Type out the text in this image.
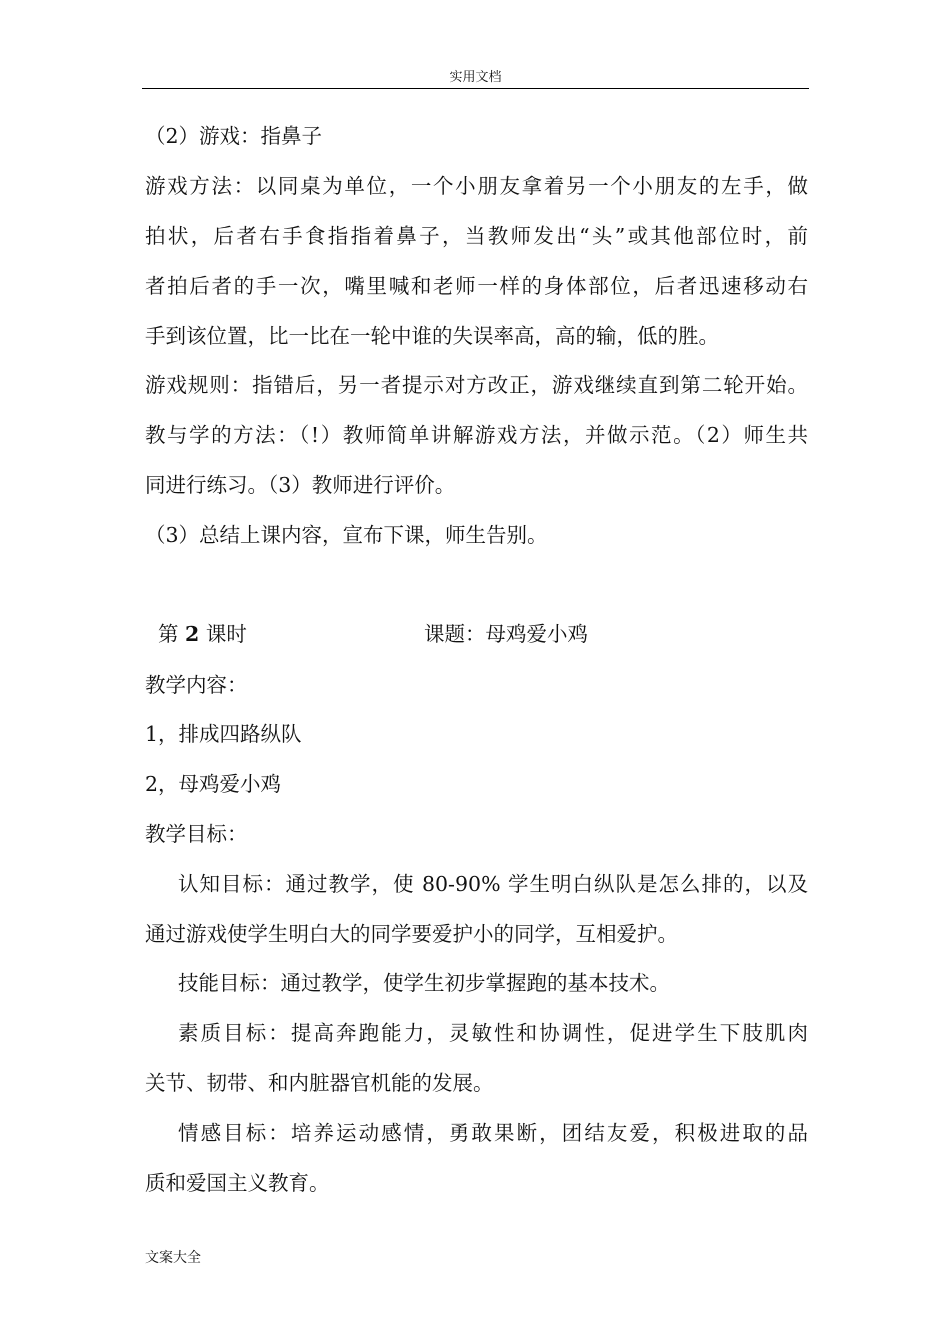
实用文档
（2）游戏：指鼻子
游戏方法：以同桌为单位，一个小朋友拿着另一个小朋友的左手，做
拍状，后者右手食指指着鼻子，当教师发出“头”或其他部位时，前
者拍后者的手一次，嘴里喊和老师一样的身体部位，后者迅速移动右
手到该位置，比一比在一轮中谁的失误率高，高的输，低的胜。
游戏规则：指错后，另一者提示对方改正，游戏继续直到第二轮开始。
教与学的方法：（!）教师简单讲解游戏方法，并做示范。（2）师生共
同进行练习。（3）教师进行评价。
（3）总结上课内容，宣布下课，师生告别。
第 2 课时	课题：母鸡爱小鸡
教学内容：
1，排成四路纵队
2，母鸡爱小鸡
教学目标：
认知目标：通过教学，使 80-90% 学生明白纵队是怎么排的，以及
通过游戏使学生明白大的同学要爱护小的同学，互相爱护。
技能目标：通过教学，使学生初步掌握跑的基本技术。
素质目标：提高奔跑能力，灵敏性和协调性，促进学生下肢肌肉
关节、韧带、和内脏器官机能的发展。
情感目标：培养运动感情，勇敢果断，团结友爱，积极进取的品
质和爱国主义教育。
文案大全
